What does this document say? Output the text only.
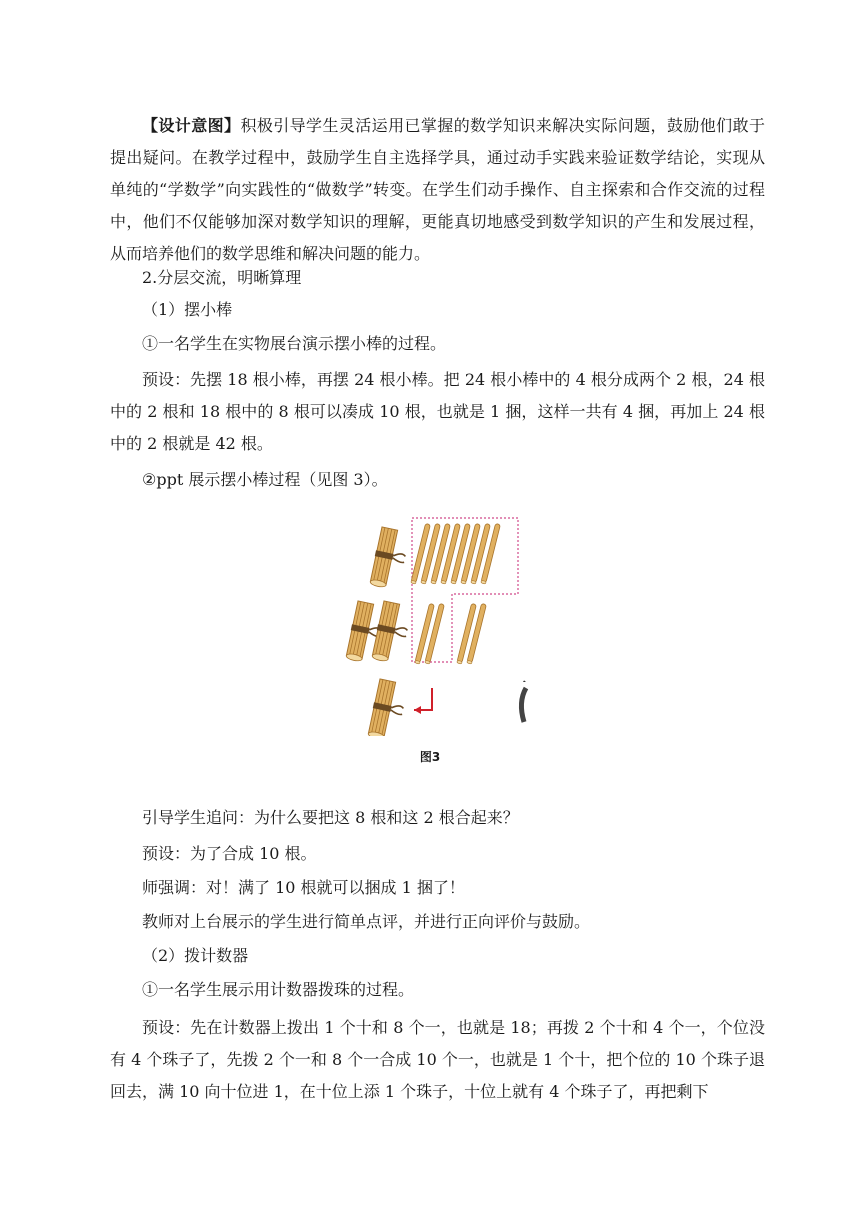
【设计意图】积极引导学生灵活运用已掌握的数学知识来解决实际问题，鼓励他们敢于提出疑问。在教学过程中，鼓励学生自主选择学具，通过动手实践来验证数学结论，实现从单纯的“学数学”向实践性的“做数学”转变。在学生们动手操作、自主探索和合作交流的过程中，他们不仅能够加深对数学知识的理解，更能真切地感受到数学知识的产生和发展过程，从而培养他们的数学思维和解决问题的能力。

2.分层交流，明晰算理

（1）摆小棒

①一名学生在实物展台演示摆小棒的过程。

预设：先摆 18 根小棒，再摆 24 根小棒。把 24 根小棒中的 4 根分成两个 2 根，24 根中的 2 根和 18 根中的 8 根可以凑成 10 根，也就是 1 捆，这样一共有 4 捆，再加上 24 根中的 2 根就是 42 根。

②ppt 展示摆小棒过程（见图 3）。

图3

引导学生追问：为什么要把这 8 根和这 2 根合起来？

预设：为了合成 10 根。

师强调：对！满了 10 根就可以捆成 1 捆了！

教师对上台展示的学生进行简单点评，并进行正向评价与鼓励。

（2）拨计数器

①一名学生展示用计数器拨珠的过程。

预设：先在计数器上拨出 1 个十和 8 个一，也就是 18；再拨 2 个十和 4 个一，个位没有 4 个珠子了，先拨 2 个一和 8 个一合成 10 个一，也就是 1 个十，把个位的 10 个珠子退回去，满 10 向十位进 1，在十位上添 1 个珠子，十位上就有 4 个珠子了，再把剩下
